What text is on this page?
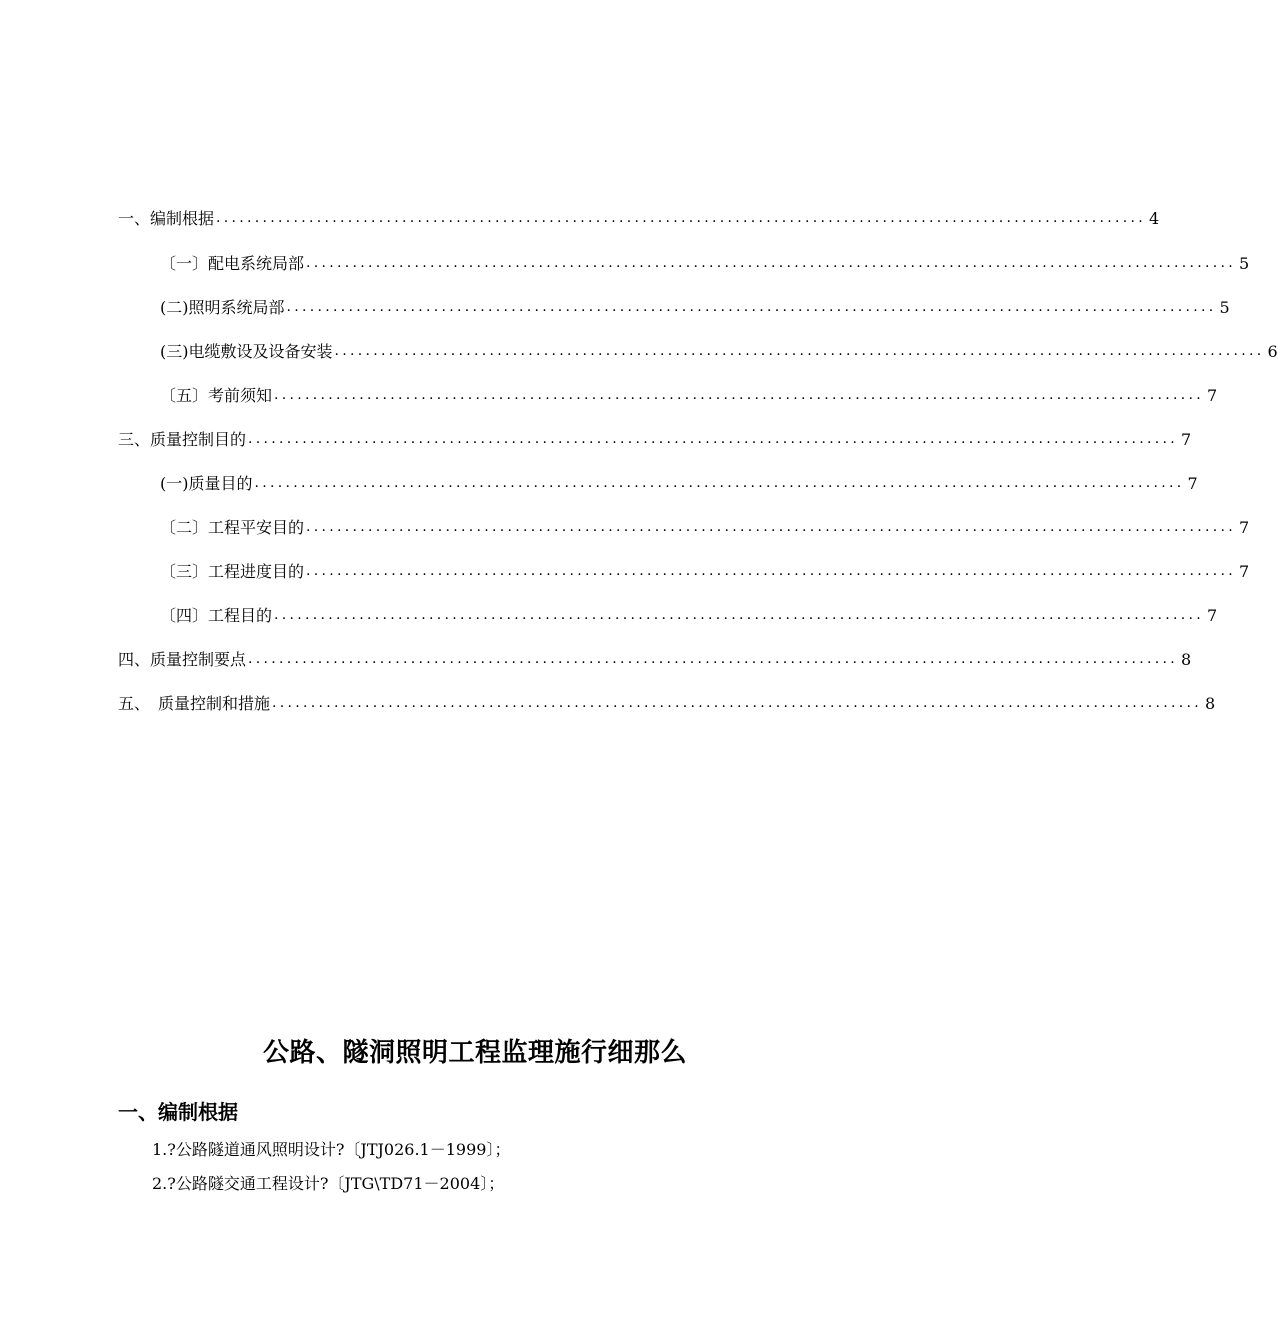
一、编制根据 ........................................................................................................................ 4
〔一〕配电系统局部 ........................................................................................................................ 5
(二)照明系统局部 ........................................................................................................................ 5
(三)电缆敷设及设备安装 ........................................................................................................................ 6
〔五〕考前须知 ........................................................................................................................ 7
三、质量控制目的 ........................................................................................................................ 7
(一)质量目的 ........................................................................................................................ 7
〔二〕工程平安目的 ........................................................................................................................ 7
〔三〕工程进度目的 ........................................................................................................................ 7
〔四〕工程目的 ........................................................................................................................ 7
四、质量控制要点 ........................................................................................................................ 8
五、　质量控制和措施 ........................................................................................................................ 8
公路、隧洞照明工程监理施行细那么
一、编制根据
1.?公路隧道通风照明设计?〔JTJ026.1－1999〕；
2.?公路隧交通工程设计?〔JTG\TD71－2004〕；
